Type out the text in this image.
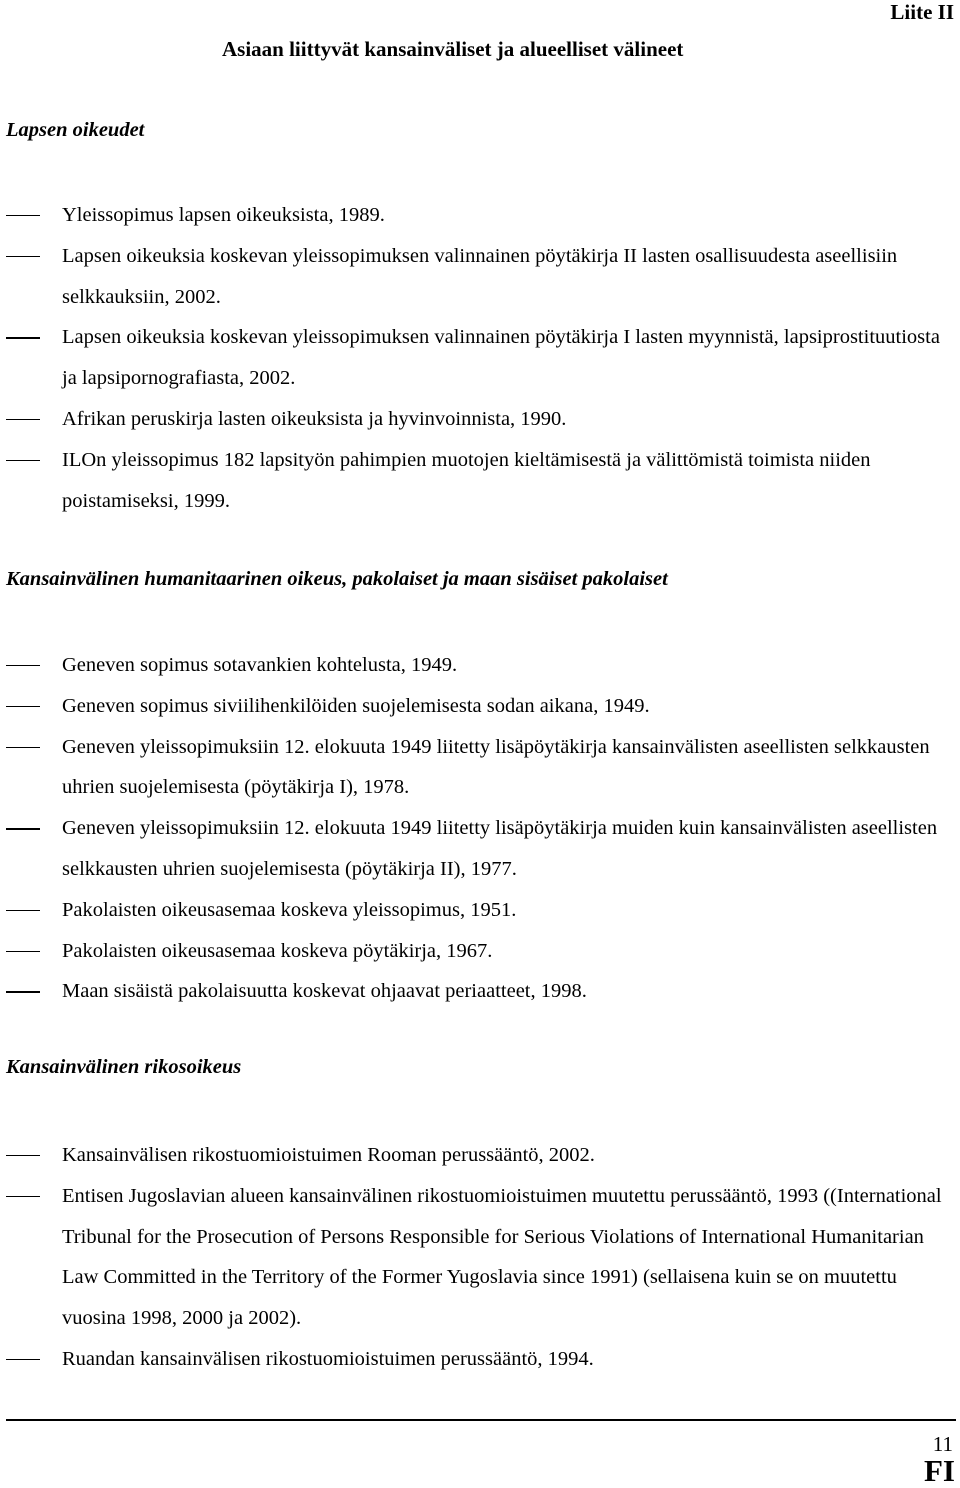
Liite II
Asiaan liittyvät kansainväliset ja alueelliset välineet
Lapsen oikeudet
Yleissopimus lapsen oikeuksista, 1989.
Lapsen oikeuksia koskevan yleissopimuksen valinnainen pöytäkirja II lasten osallisuudesta aseellisiin selkkauksiin, 2002.
Lapsen oikeuksia koskevan yleissopimuksen valinnainen pöytäkirja I lasten myynnistä, lapsiprostituutiosta ja lapsipornografiasta, 2002.
Afrikan peruskirja lasten oikeuksista ja hyvinvoinnista, 1990.
ILOn yleissopimus 182 lapsityön pahimpien muotojen kieltämisestä ja välittömistä toimista niiden poistamiseksi, 1999.
Kansainvälinen humanitaarinen oikeus, pakolaiset ja maan sisäiset pakolaiset
Geneven sopimus sotavankien kohtelusta, 1949.
Geneven sopimus siviilihenkilöiden suojelemisesta sodan aikana, 1949.
Geneven yleissopimuksiin 12. elokuuta 1949 liitetty lisäpöytäkirja kansainvälisten aseellisten selkkausten uhrien suojelemisesta (pöytäkirja I), 1978.
Geneven yleissopimuksiin 12. elokuuta 1949 liitetty lisäpöytäkirja muiden kuin kansainvälisten aseellisten selkkausten uhrien suojelemisesta (pöytäkirja II), 1977.
Pakolaisten oikeusasemaa koskeva yleissopimus, 1951.
Pakolaisten oikeusasemaa koskeva pöytäkirja, 1967.
Maan sisäistä pakolaisuutta koskevat ohjaavat periaatteet, 1998.
Kansainvälinen rikosoikeus
Kansainvälisen rikostuomioistuimen Rooman perussääntö, 2002.
Entisen Jugoslavian alueen kansainvälinen rikostuomioistuimen muutettu perussääntö, 1993 ((International Tribunal for the Prosecution of Persons Responsible for Serious Violations of International Humanitarian Law Committed in the Territory of the Former Yugoslavia since 1991) (sellaisena kuin se on muutettu vuosina 1998, 2000 ja 2002).
Ruandan kansainvälisen rikostuomioistuimen perussääntö, 1994.
11
FI
